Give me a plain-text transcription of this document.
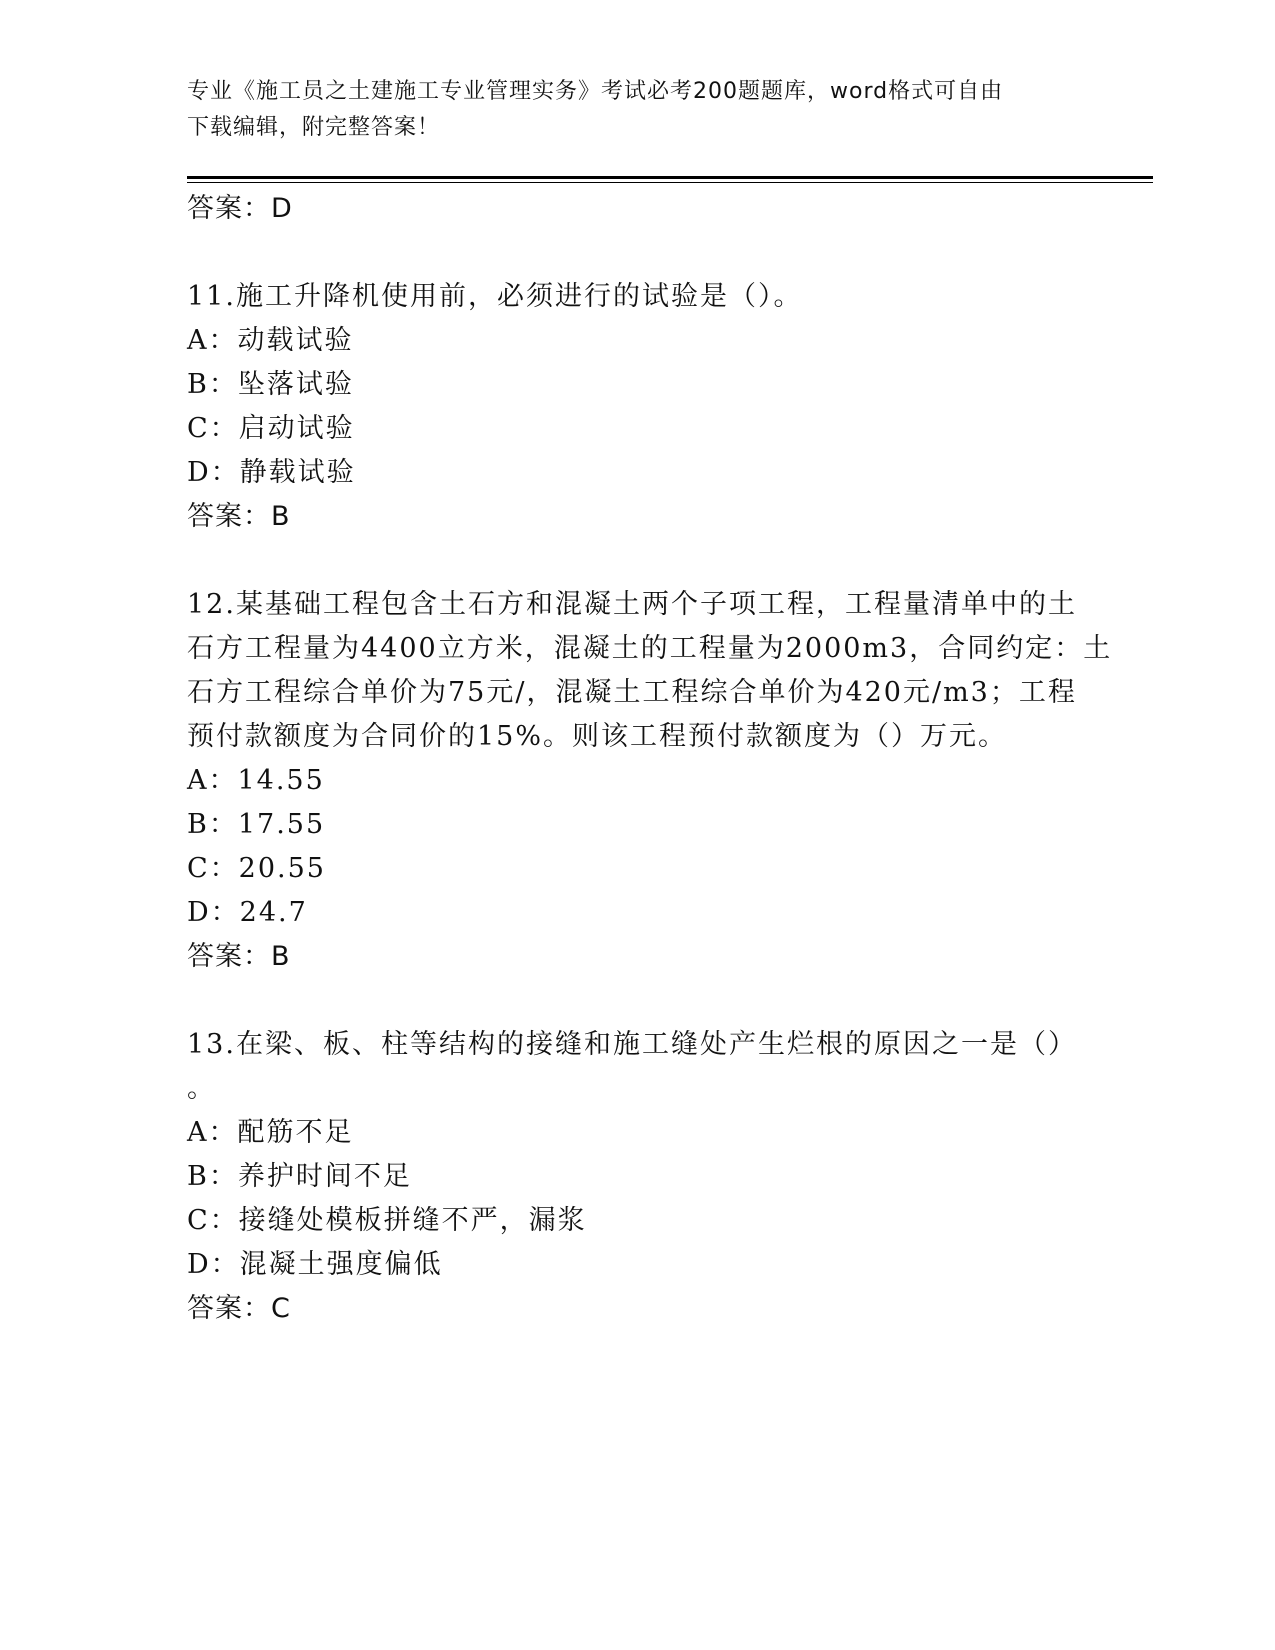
专业《施工员之土建施工专业管理实务》考试必考200题题库，word格式可自由
下载编辑，附完整答案！
答案：D
11.施工升降机使用前，必须进行的试验是（）。
A：动载试验
B：坠落试验
C：启动试验
D：静载试验
答案：B
12.某基础工程包含土石方和混凝土两个子项工程，工程量清单中的土
石方工程量为4400立方米，混凝土的工程量为2000m3，合同约定：土
石方工程综合单价为75元/，混凝土工程综合单价为420元/m3；工程
预付款额度为合同价的15%。则该工程预付款额度为（）万元。
A：14.55
B：17.55
C：20.55
D：24.7
答案：B
13.在梁、板、柱等结构的接缝和施工缝处产生烂根的原因之一是（）
。
A：配筋不足
B：养护时间不足
C：接缝处模板拼缝不严，漏浆
D：混凝土强度偏低
答案：C
